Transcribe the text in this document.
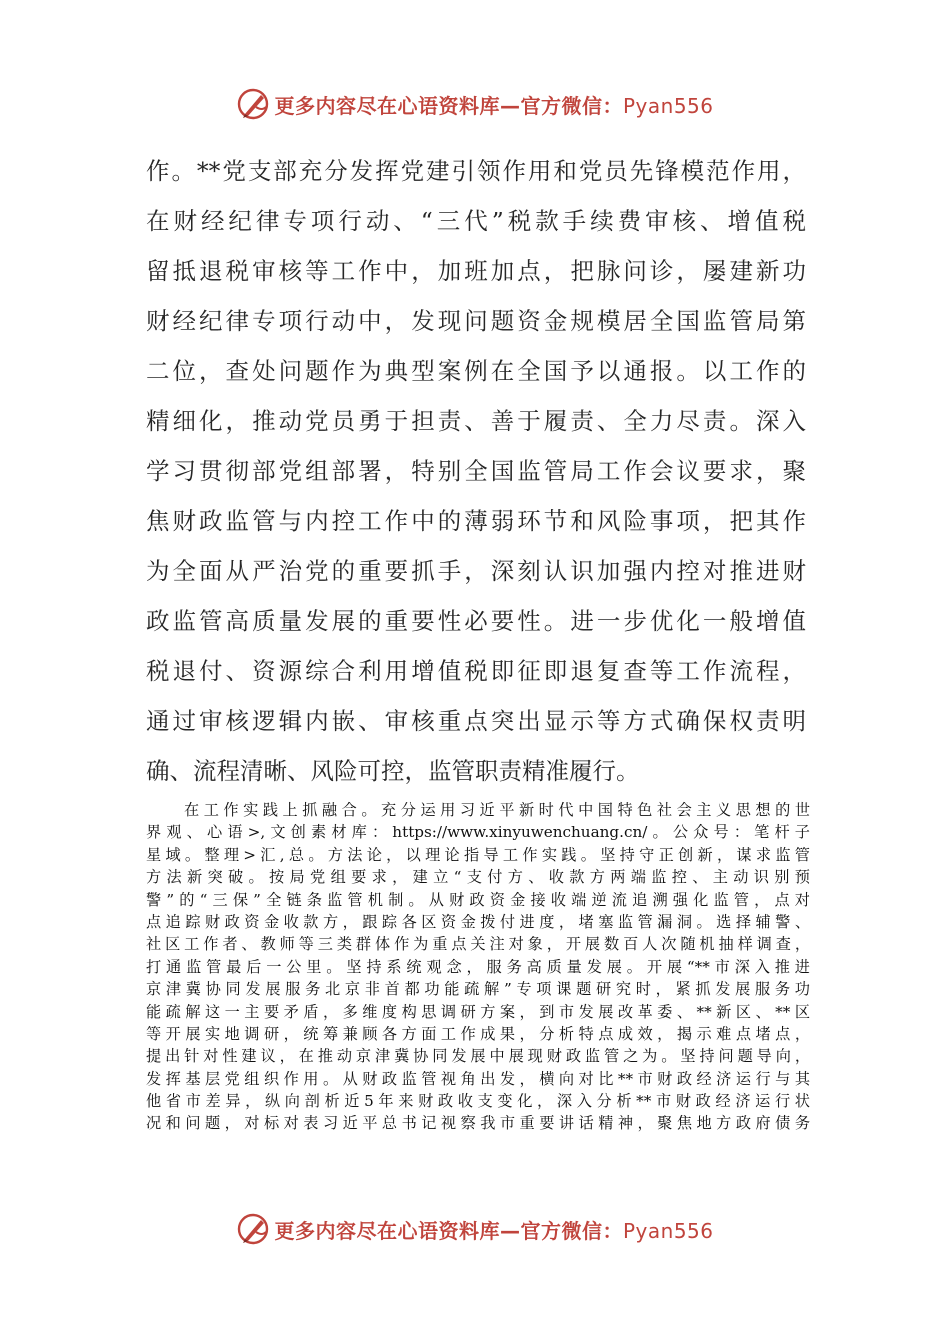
更多内容尽在心语资料库—官方微信：Pyan556
作。**党支部充分发挥党建引领作用和党员先锋模范作用，
在财经纪律专项行动、“三代”税款手续费审核、增值税
留抵退税审核等工作中，加班加点，把脉问诊，屡建新功
财经纪律专项行动中，发现问题资金规模居全国监管局第
二位，查处问题作为典型案例在全国予以通报。以工作的
精细化，推动党员勇于担责、善于履责、全力尽责。深入
学习贯彻部党组部署，特别全国监管局工作会议要求，聚
焦财政监管与内控工作中的薄弱环节和风险事项，把其作
为全面从严治党的重要抓手，深刻认识加强内控对推进财
政监管高质量发展的重要性必要性。进一步优化一般增值
税退付、资源综合利用增值税即征即退复查等工作流程，
通过审核逻辑内嵌、审核重点突出显示等方式确保权责明
确、流程清晰、风险可控，监管职责精准履行。
在工作实践上抓融合。充分运用习近平新时代中国特色社会主义思想的世
界观、心语>,文创素材库：https://www.xinyuwenchuang.cn/。公众号：笔杆子
星域。整理>汇,总。方法论，以理论指导工作实践。坚持守正创新，谋求监管
方法新突破。按局党组要求，建立“支付方、收款方两端监控、主动识别预
警”的“三保”全链条监管机制。从财政资金接收端逆流追溯强化监管，点对
点追踪财政资金收款方，跟踪各区资金拨付进度，堵塞监管漏洞。选择辅警、
社区工作者、教师等三类群体作为重点关注对象，开展数百人次随机抽样调查，
打通监管最后一公里。坚持系统观念，服务高质量发展。开展“**市深入推进
京津冀协同发展服务北京非首都功能疏解”专项课题研究时，紧抓发展服务功
能疏解这一主要矛盾，多维度构思调研方案，到市发展改革委、**新区、**区
等开展实地调研，统筹兼顾各方面工作成果，分析特点成效，揭示难点堵点，
提出针对性建议，在推动京津冀协同发展中展现财政监管之为。坚持问题导向，
发挥基层党组织作用。从财政监管视角出发，横向对比**市财政经济运行与其
他省市差异，纵向剖析近5年来财政收支变化，深入分析**市财政经济运行状
况和问题，对标对表习近平总书记视察我市重要讲话精神，聚焦地方政府债务
更多内容尽在心语资料库—官方微信：Pyan556
